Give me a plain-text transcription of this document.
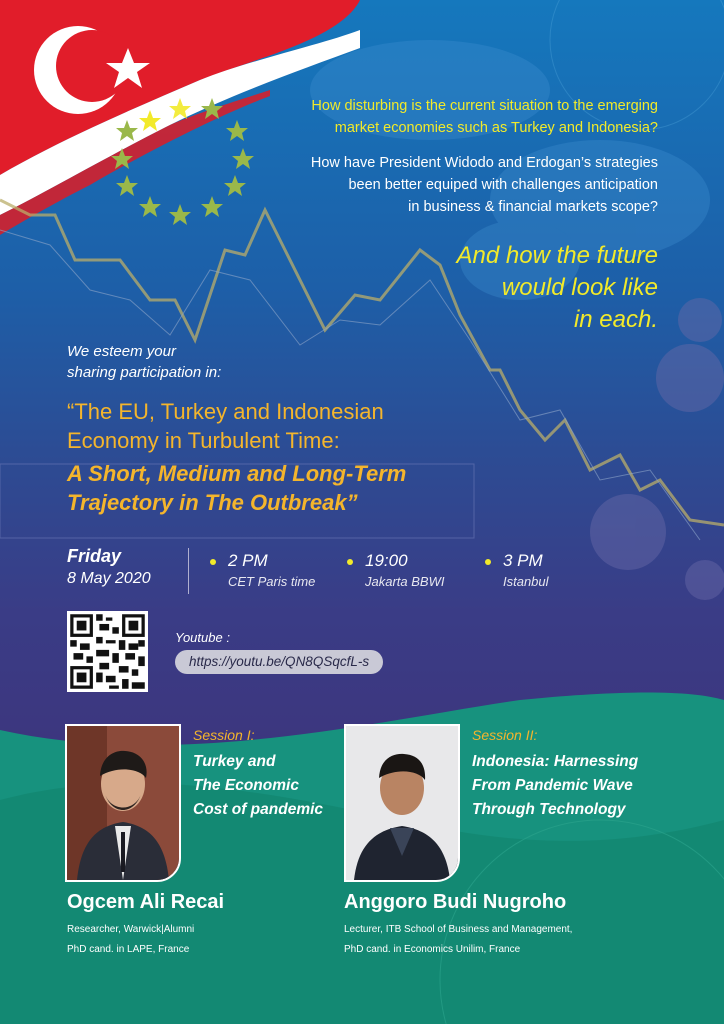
How disturbing is the current situation to the emerging
market economies such as Turkey and Indonesia?
How have President Widodo and Erdogan’s strategies
been better equiped with challenges anticipation
in business & financial markets scope?
And how the future
would look like
in each.
We esteem your
sharing participation in:
“The EU, Turkey and Indonesian
Economy in Turbulent Time:
A Short, Medium and Long-Term
Trajectory in The Outbreak”
Friday
8 May 2020
2 PM
CET Paris time
19:00
Jakarta BBWI
3 PM
Istanbul
Youtube :
https://youtu.be/QN8QSqcfL-s
Session I:
Turkey and
The Economic
Cost of pandemic
Ogcem Ali Recai
Researcher, Warwick|Alumni
PhD cand. in LAPE, France
Session II:
Indonesia: Harnessing
From Pandemic Wave
Through Technology
Anggoro Budi Nugroho
Lecturer, ITB School of Business and Management,
PhD cand. in Economics Unilim, France
